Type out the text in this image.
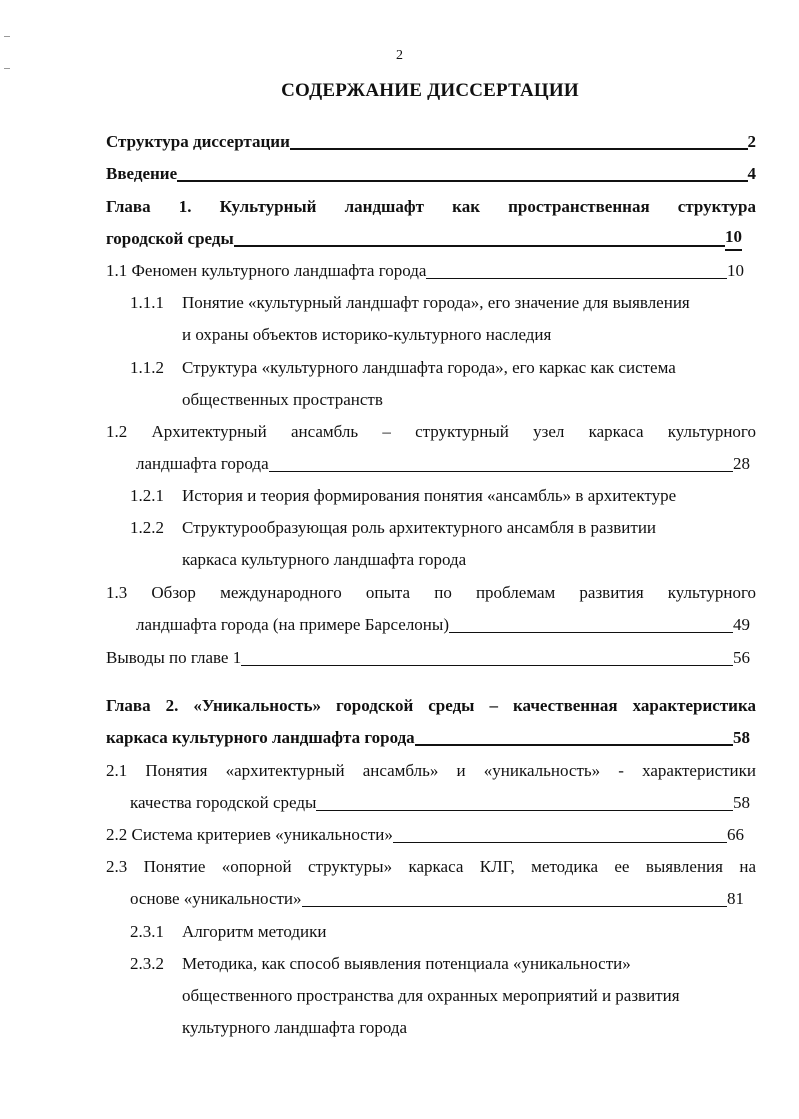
2
СОДЕРЖАНИЕ ДИССЕРТАЦИИ
Структура диссертации	2
Введение	4
Глава 1. Культурный ландшафт как пространственная структура
городской среды	10
1.1 Феномен культурного ландшафта города	10
1.1.1	Понятие «культурный ландшафт города», его значение для выявления
и охраны объектов историко-культурного наследия
1.1.2	Структура «культурного ландшафта города», его каркас как система
общественных пространств
1.2 Архитектурный ансамбль – структурный узел каркаса культурного
ландшафта города	28
1.2.1	История и теория формирования понятия «ансамбль» в архитектуре
1.2.2	Структурообразующая роль архитектурного ансамбля в развитии
каркаса культурного ландшафта города
1.3 Обзор международного опыта по проблемам развития культурного
ландшафта города (на примере Барселоны)	49
Выводы по главе 1	56
Глава 2. «Уникальность» городской среды – качественная характеристика
каркаса культурного ландшафта города	58
2.1 Понятия «архитектурный ансамбль» и «уникальность» - характеристики
качества городской среды	58
2.2 Система критериев «уникальности»	66
2.3 Понятие «опорной структуры» каркаса КЛГ, методика ее выявления на
основе «уникальности»	81
2.3.1	Алгоритм методики
2.3.2	Методика, как способ выявления потенциала «уникальности»
общественного пространства для охранных мероприятий и развития
культурного ландшафта города
